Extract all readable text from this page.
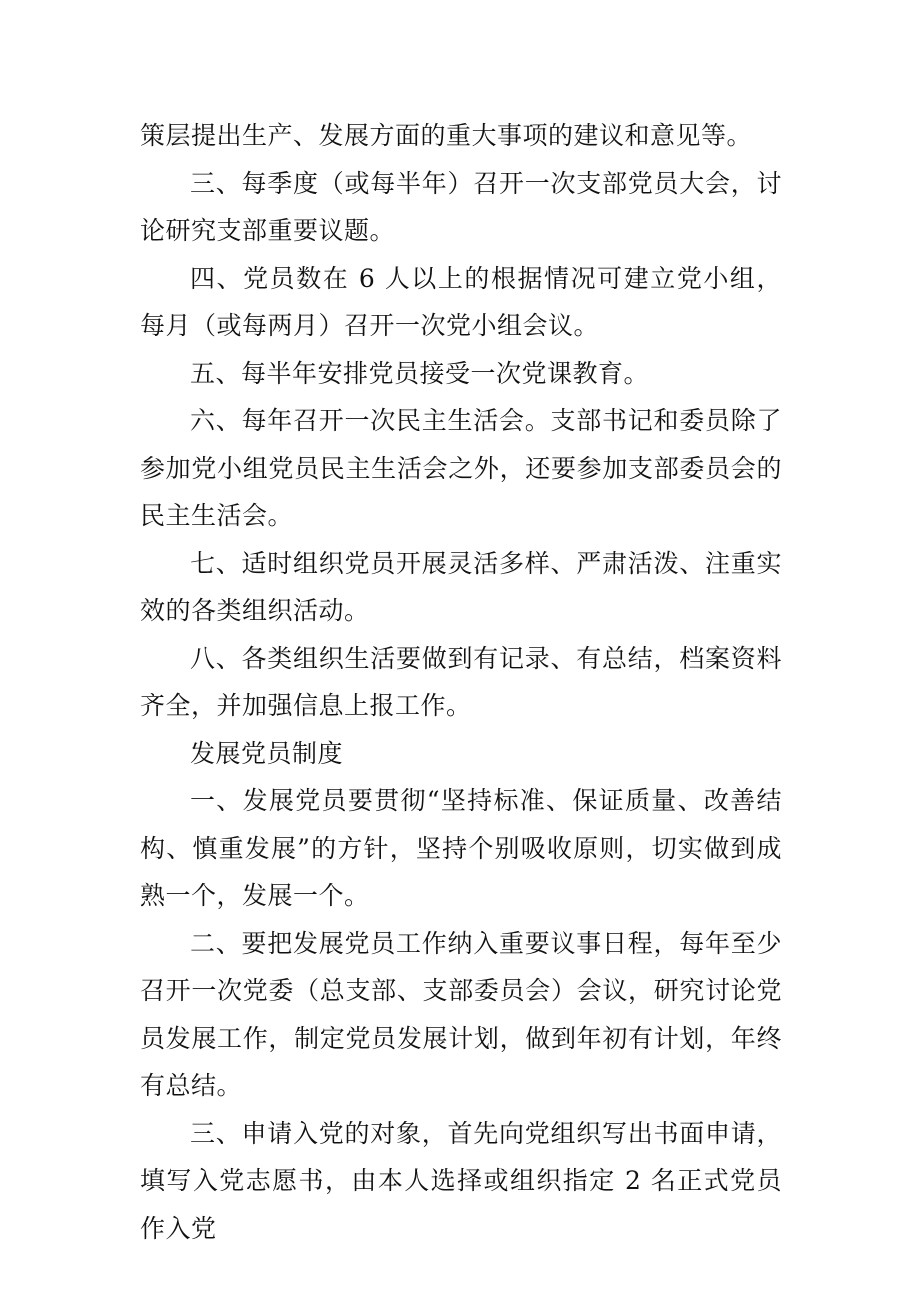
策层提出生产、发展方面的重大事项的建议和意见等。

三、每季度（或每半年）召开一次支部党员大会，讨论研究支部重要议题。

四、党员数在 6 人以上的根据情况可建立党小组，每月（或每两月）召开一次党小组会议。

五、每半年安排党员接受一次党课教育。

六、每年召开一次民主生活会。支部书记和委员除了参加党小组党员民主生活会之外，还要参加支部委员会的民主生活会。

七、适时组织党员开展灵活多样、严肃活泼、注重实效的各类组织活动。

八、各类组织生活要做到有记录、有总结，档案资料齐全，并加强信息上报工作。

发展党员制度

一、发展党员要贯彻“坚持标准、保证质量、改善结构、慎重发展”的方针，坚持个别吸收原则，切实做到成熟一个，发展一个。

二、要把发展党员工作纳入重要议事日程，每年至少召开一次党委（总支部、支部委员会）会议，研究讨论党员发展工作，制定党员发展计划，做到年初有计划，年终有总结。

三、申请入党的对象，首先向党组织写出书面申请，填写入党志愿书，由本人选择或组织指定 2 名正式党员作入党
